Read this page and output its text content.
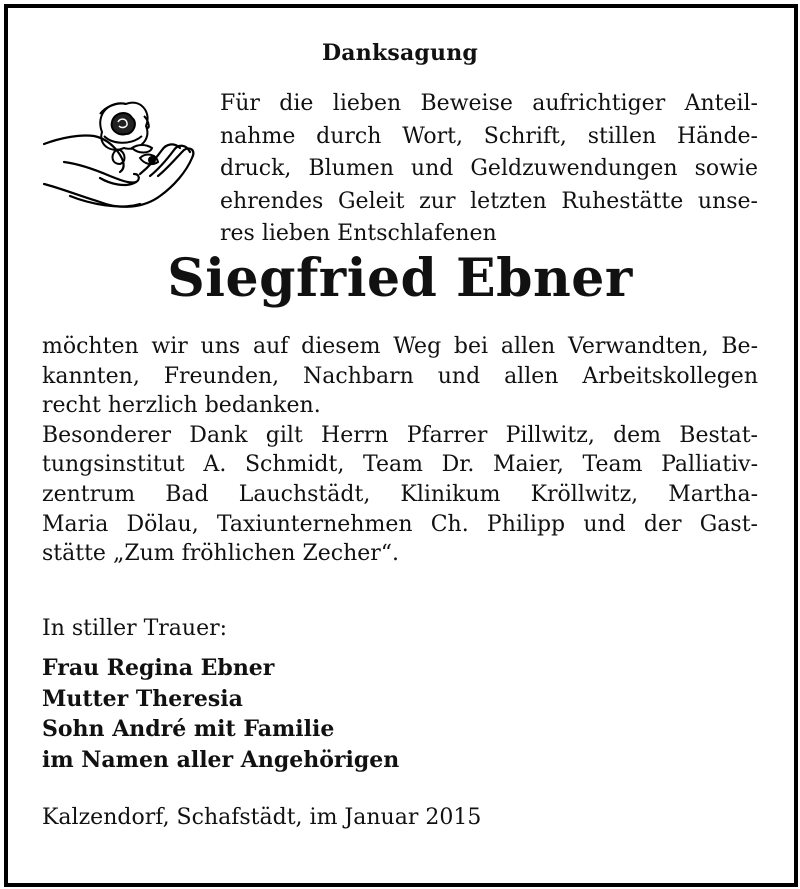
Danksagung
Für die lieben Beweise aufrichtiger Anteil-
nahme durch Wort, Schrift, stillen Hände-
druck, Blumen und Geldzuwendungen sowie
ehrendes Geleit zur letzten Ruhestätte unse-
res lieben Entschlafenen
Siegfried Ebner
möchten wir uns auf diesem Weg bei allen Verwandten, Be-
kannten, Freunden, Nachbarn und allen Arbeitskollegen
recht herzlich bedanken.
Besonderer Dank gilt Herrn Pfarrer Pillwitz, dem Bestat-
tungsinstitut A. Schmidt, Team Dr. Maier, Team Palliativ-
zentrum Bad Lauchstädt, Klinikum Kröllwitz, Martha-
Maria Dölau, Taxiunternehmen Ch. Philipp und der Gast-
stätte „Zum fröhlichen Zecher“.
In stiller Trauer:
Frau Regina Ebner
Mutter Theresia
Sohn André mit Familie
im Namen aller Angehörigen
Kalzendorf, Schafstädt, im Januar 2015
